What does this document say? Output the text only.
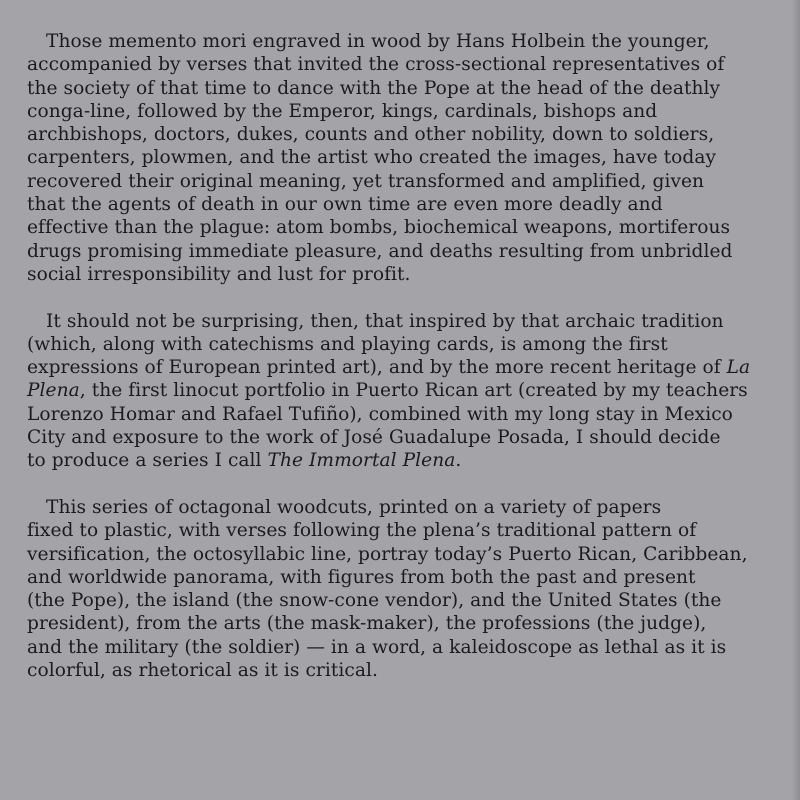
Those memento mori engraved in wood by Hans Holbein the younger,
accompanied by verses that invited the cross-sectional representatives of
the society of that time to dance with the Pope at the head of the deathly
conga-line, followed by the Emperor, kings, cardinals, bishops and
archbishops, doctors, dukes, counts and other nobility, down to soldiers,
carpenters, plowmen, and the artist who created the images, have today
recovered their original meaning, yet transformed and amplified, given
that the agents of death in our own time are even more deadly and
effective than the plague: atom bombs, biochemical weapons, mortiferous
drugs promising immediate pleasure, and deaths resulting from unbridled
social irresponsibility and lust for profit.

It should not be surprising, then, that inspired by that archaic tradition
(which, along with catechisms and playing cards, is among the first
expressions of European printed art), and by the more recent heritage of La
Plena, the first linocut portfolio in Puerto Rican art (created by my teachers
Lorenzo Homar and Rafael Tufiño), combined with my long stay in Mexico
City and exposure to the work of José Guadalupe Posada, I should decide
to produce a series I call The Immortal Plena.

This series of octagonal woodcuts, printed on a variety of papers
fixed to plastic, with verses following the plena’s traditional pattern of
versification, the octosyllabic line, portray today’s Puerto Rican, Caribbean,
and worldwide panorama, with figures from both the past and present
(the Pope), the island (the snow-cone vendor), and the United States (the
president), from the arts (the mask-maker), the professions (the judge),
and the military (the soldier) — in a word, a kaleidoscope as lethal as it is
colorful, as rhetorical as it is critical.
